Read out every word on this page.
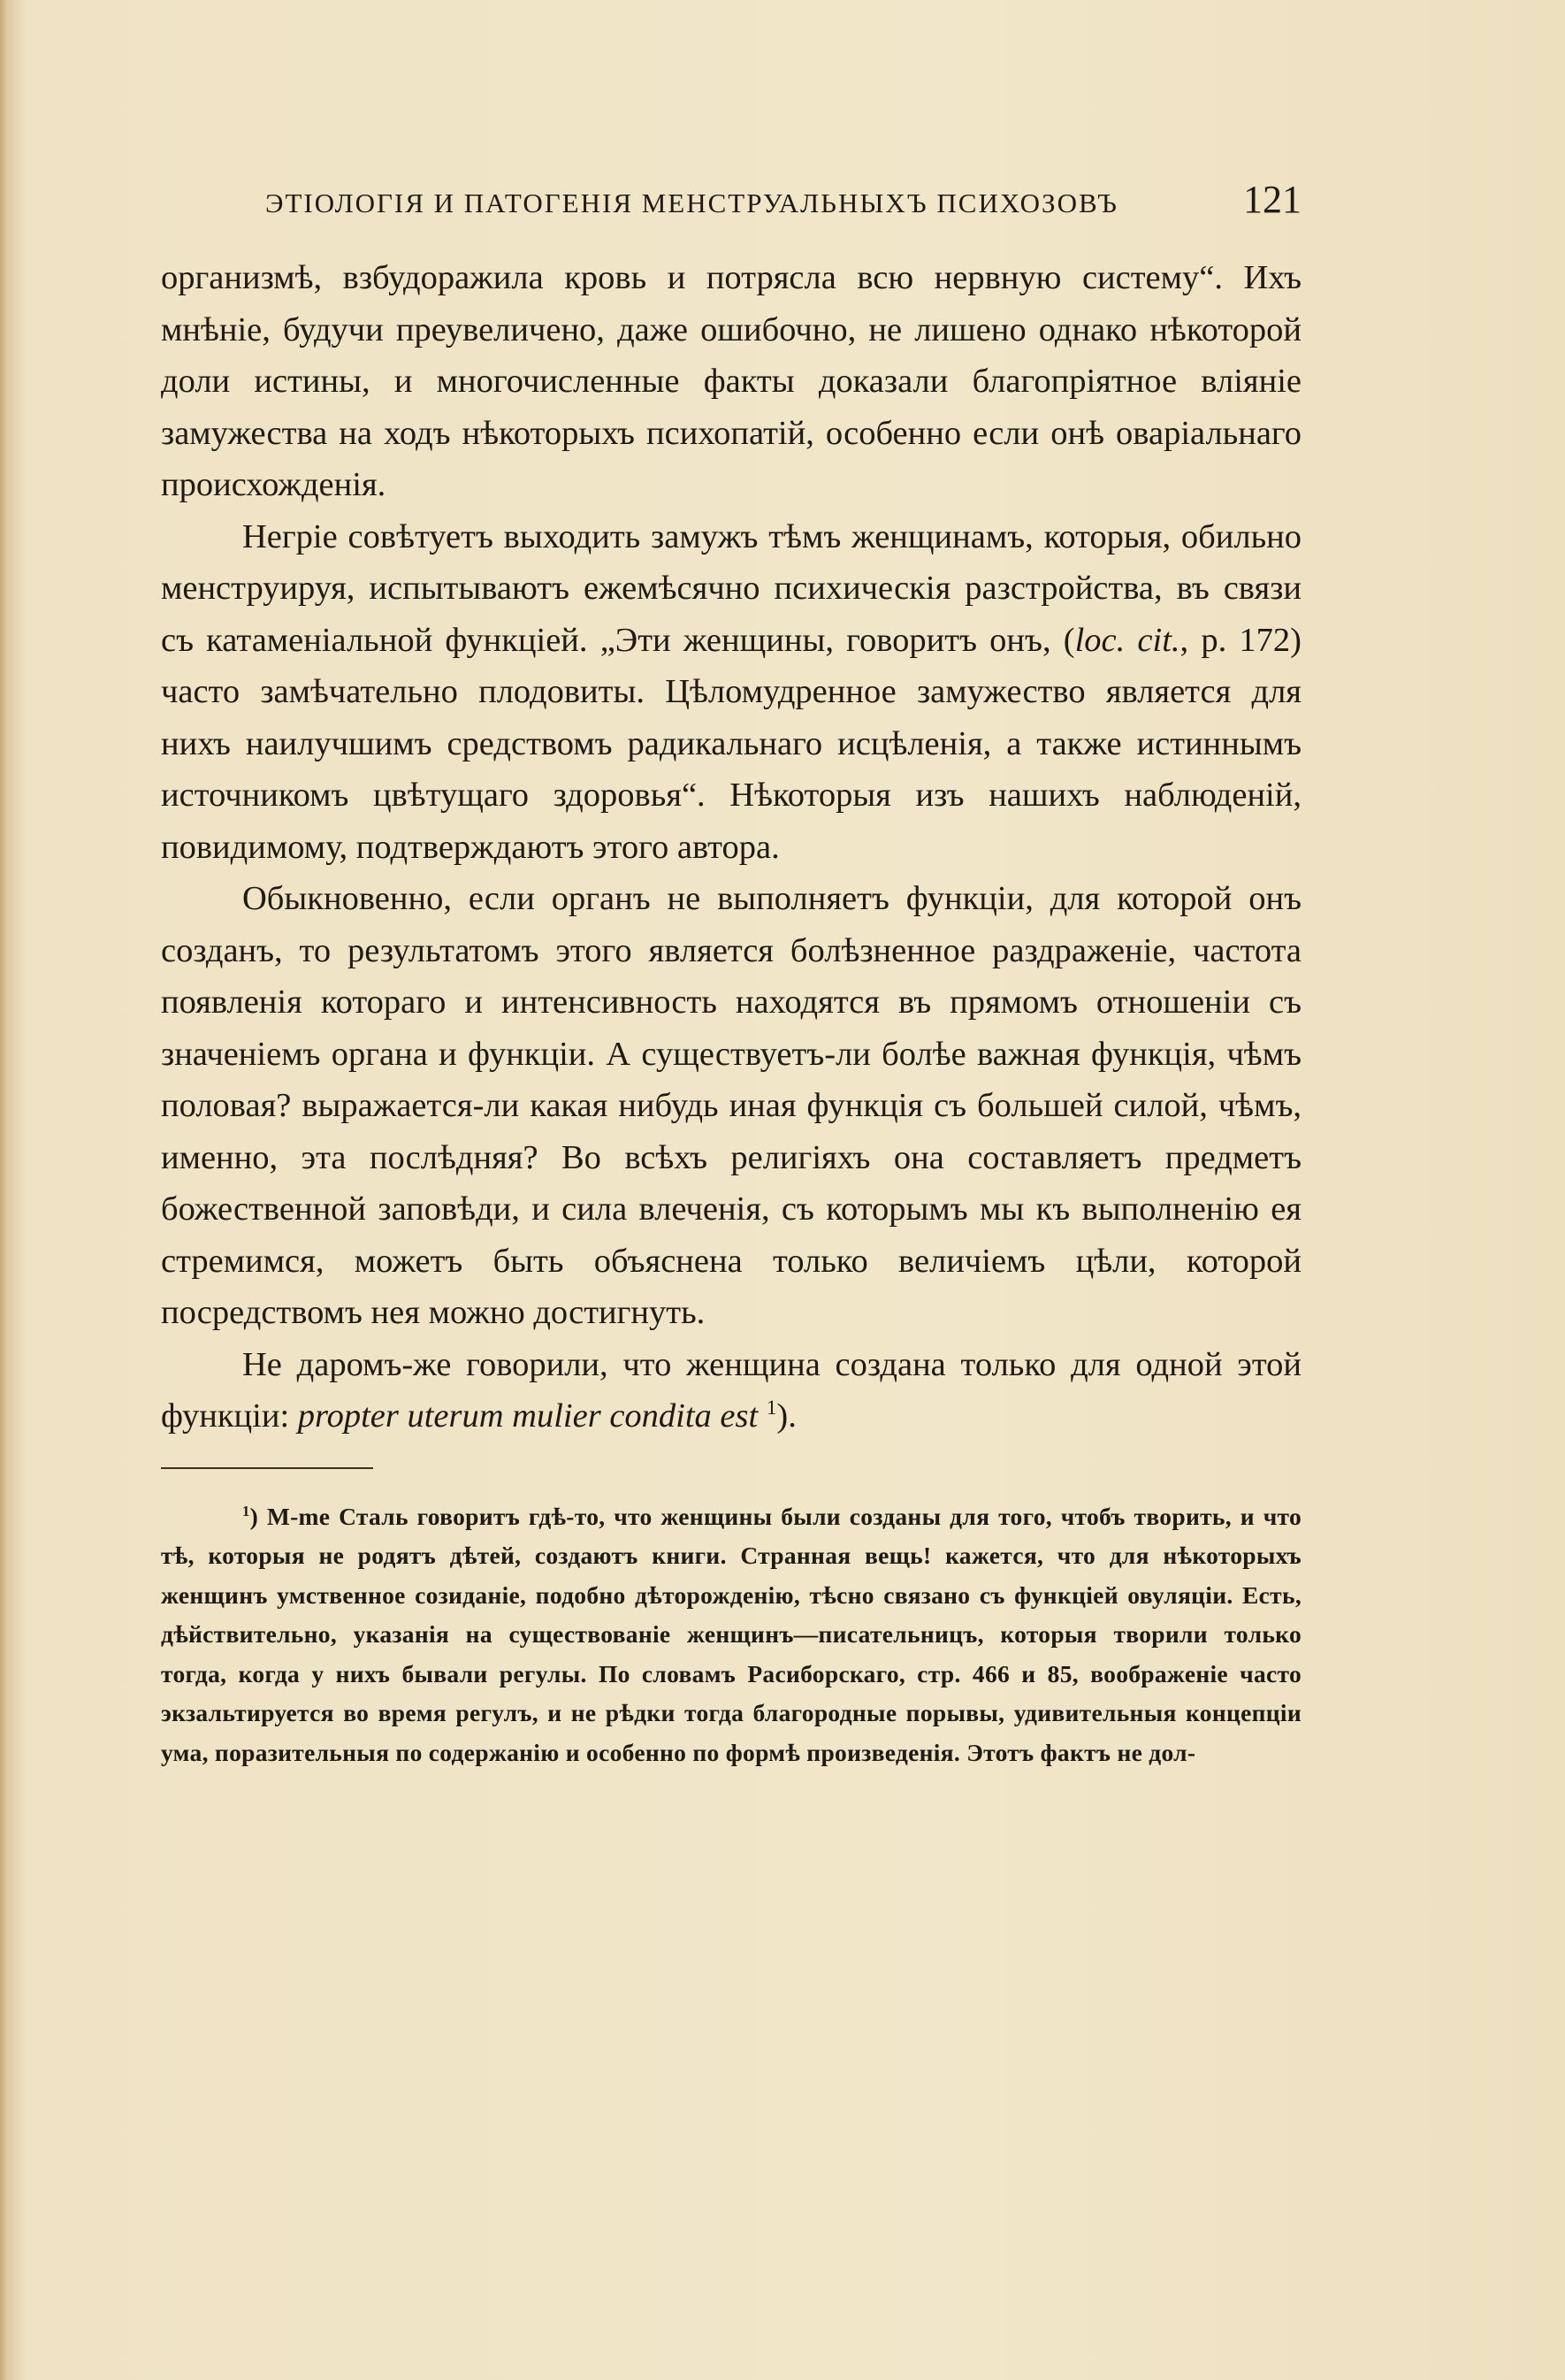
ЭТIОЛОГIЯ И ПАТОГЕНIЯ МЕНСТРУАЛЬНЫХЪ ПСИХОЗОВЪ	121

организмѣ, взбудоражила кровь и потрясла всю нервную систему“. Ихъ мнѣнiе, будучи преувеличено, даже ошибочно, не лишено однако нѣкоторой доли истины, и многочисленные факты доказали благопрiятное влiянiе замужества на ходъ нѣкоторыхъ психопатiй, особенно если онѣ оварiальнаго происхожденiя.

Негрiе совѣтуетъ выходить замужъ тѣмъ женщинамъ, которыя, обильно менструируя, испытываютъ ежемѣсячно психическiя разстройства, въ связи съ катаменiальной функцiей. „Эти женщины, говоритъ онъ, (loc. cit., p. 172) часто замѣчательно плодовиты. Цѣломудренное замужество является для нихъ наилучшимъ средствомъ радикальнаго исцѣленiя, а также истиннымъ источникомъ цвѣтущаго здоровья“. Нѣкоторыя изъ нашихъ наблюденiй, повидимому, подтверждаютъ этого автора.

Обыкновенно, если органъ не выполняетъ функцiи, для которой онъ созданъ, то результатомъ этого является болѣзненное раздраженiе, частота появленiя котораго и интенсивность находятся въ прямомъ отношенiи съ значенiемъ органа и функцiи. А существуетъ-ли болѣе важная функцiя, чѣмъ половая? выражается-ли какая нибудь иная функцiя съ большей силой, чѣмъ, именно, эта послѣдняя? Во всѣхъ религiяхъ она составляетъ предметъ божественной заповѣди, и сила влеченiя, съ которымъ мы къ выполненiю ея стремимся, можетъ быть объяснена только величiемъ цѣли, которой посредствомъ нея можно достигнуть.

Не даромъ-же говорили, что женщина создана только для одной этой функцiи: propter uterum mulier condita est $^1$).

$^1$) M-me Сталь говоритъ гдѣ-то, что женщины были созданы для того, чтобъ творить, и что тѣ, которыя не родятъ дѣтей, создаютъ книги. Странная вещь! кажется, что для нѣкоторыхъ женщинъ умственное созиданiе, подобно дѣторожденiю, тѣсно связано съ функцiей овуляцiи. Есть, дѣйствительно, указанiя на существованiе женщинъ—писательницъ, которыя творили только тогда, когда у нихъ бывали регулы. По словамъ Расиборскаго, стр. 466 и 85, воображенiе часто экзальтируется во время регулъ, и не рѣдки тогда благородные порывы, удивительныя концепцiи ума, поразительныя по содержанiю и особенно по формѣ произведенiя. Этотъ фактъ не дол-
